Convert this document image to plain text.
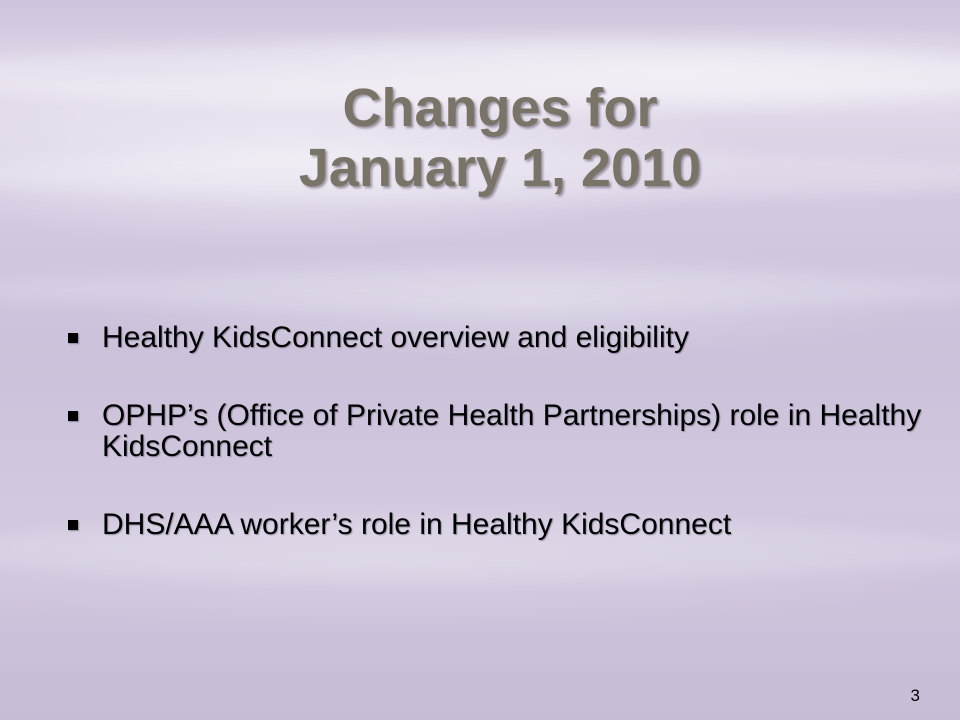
Changes for
January 1, 2010
Healthy KidsConnect overview and eligibility
OPHP’s (Office of Private Health Partnerships) role in Healthy KidsConnect
DHS/AAA worker’s role in Healthy KidsConnect
3
